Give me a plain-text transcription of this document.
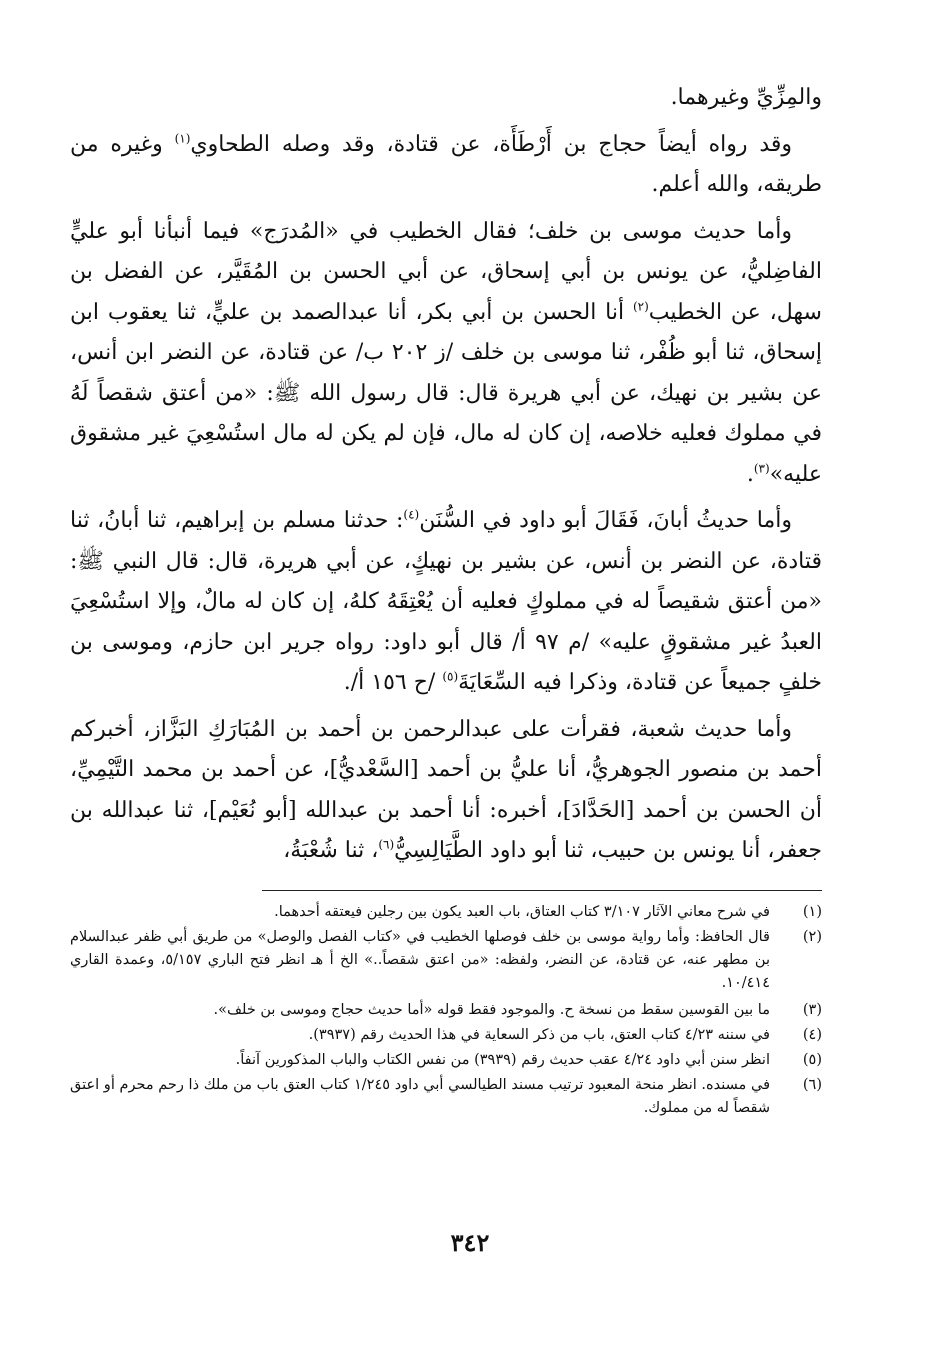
والمِزِّيِّ وغيرهما.

وقد رواه أيضاً حجاج بن أَرْطَأَة، عن قتادة، وقد وصله الطحاوي$^{(١)}$ وغيره من طريقه، والله أعلم.

وأما حديث موسى بن خلف؛ فقال الخطيب في «المُدرَج» فيما أنبأنا أبو عليٍّ الفاضِليُّ، عن يونس بن أبي إسحاق، عن أبي الحسن بن المُقَيَّر، عن الفضل بن سهل، عن الخطيب$^{(٢)}$ أنا الحسن بن أبي بكر، أنا عبدالصمد بن عليٍّ، ثنا يعقوب ابن إسحاق، ثنا أبو ظُفْر، ثنا موسى بن خلف /ز ٢٠٢ ب/ عن قتادة، عن النضر ابن أنس، عن بشير بن نهيك، عن أبي هريرة قال: قال رسول الله ﷺ: «من أعتق شقصاً لَهُ في مملوك فعليه خلاصه، إن كان له مال، فإن لم يكن له مال استُسْعِيَ غير مشقوق عليه»$^{(٣)}$.

وأما حديثُ أبانَ، فَقَالَ أبو داود في السُّنَن$^{(٤)}$: حدثنا مسلم بن إبراهيم، ثنا أبانُ، ثنا قتادة، عن النضر بن أنس، عن بشير بن نهيكٍ، عن أبي هريرة، قال: قال النبي ﷺ: «من أعتق شقيصاً له في مملوكٍ فعليه أن يُعْتِقَهُ كلهُ، إن كان له مالٌ، وإلا استُسْعِيَ العبدُ غير مشقوقٍ عليه» /م ٩٧ أ/ قال أبو داود: رواه جرير ابن حازم، وموسى بن خلفٍ جميعاً عن قتادة، وذكرا فيه السِّعَايَةَ$^{(٥)}$ /ح ١٥٦ أ/.

وأما حديث شعبة، فقرأت على عبدالرحمن بن أحمد بن المُبَارَكِ البَزَّاز، أخبركم أحمد بن منصور الجوهريُّ، أنا عليُّ بن أحمد [السَّعْديُّ]، عن أحمد بن محمد التَّيْمِيِّ، أن الحسن بن أحمد [الحَدَّادَ]، أخبره: أنا أحمد بن عبدالله [أبو نُعَيْم]، ثنا عبدالله بن جعفر، أنا يونس بن حبيب، ثنا أبو داود الطَّيَالِسِيُّ$^{(٦)}$، ثنا شُعْبَةُ،

(١)
في شرح معاني الآثار ٣/١٠٧ كتاب العتاق، باب العبد يكون بين رجلين فيعتقه أحدهما.
(٢)
قال الحافظ: وأما رواية موسى بن خلف فوصلها الخطيب في «كتاب الفصل والوصل» من طريق أبي ظفر عبدالسلام بن مطهر عنه، عن قتادة، عن النضر، ولفظه: «من اعتق شقصاً..» الخ أ هـ انظر فتح الباري ٥/١٥٧، وعمدة القاري ١٠/٤١٤.
(٣)
ما بين القوسين سقط من نسخة ح. والموجود فقط قوله «أما حديث حجاج وموسى بن خلف».
(٤)
في سننه ٤/٢٣ كتاب العتق، باب من ذكر السعاية في هذا الحديث رقم (٣٩٣٧).
(٥)
انظر سنن أبي داود ٤/٢٤ عقب حديث رقم (٣٩٣٩) من نفس الكتاب والباب المذكورين آنفاً.
(٦)
في مسنده. انظر منحة المعبود ترتيب مسند الطيالسي أبي داود ١/٢٤٥ كتاب العتق باب من ملك ذا رحم محرم أو اعتق شقصاً له من مملوك.
٣٤٢
